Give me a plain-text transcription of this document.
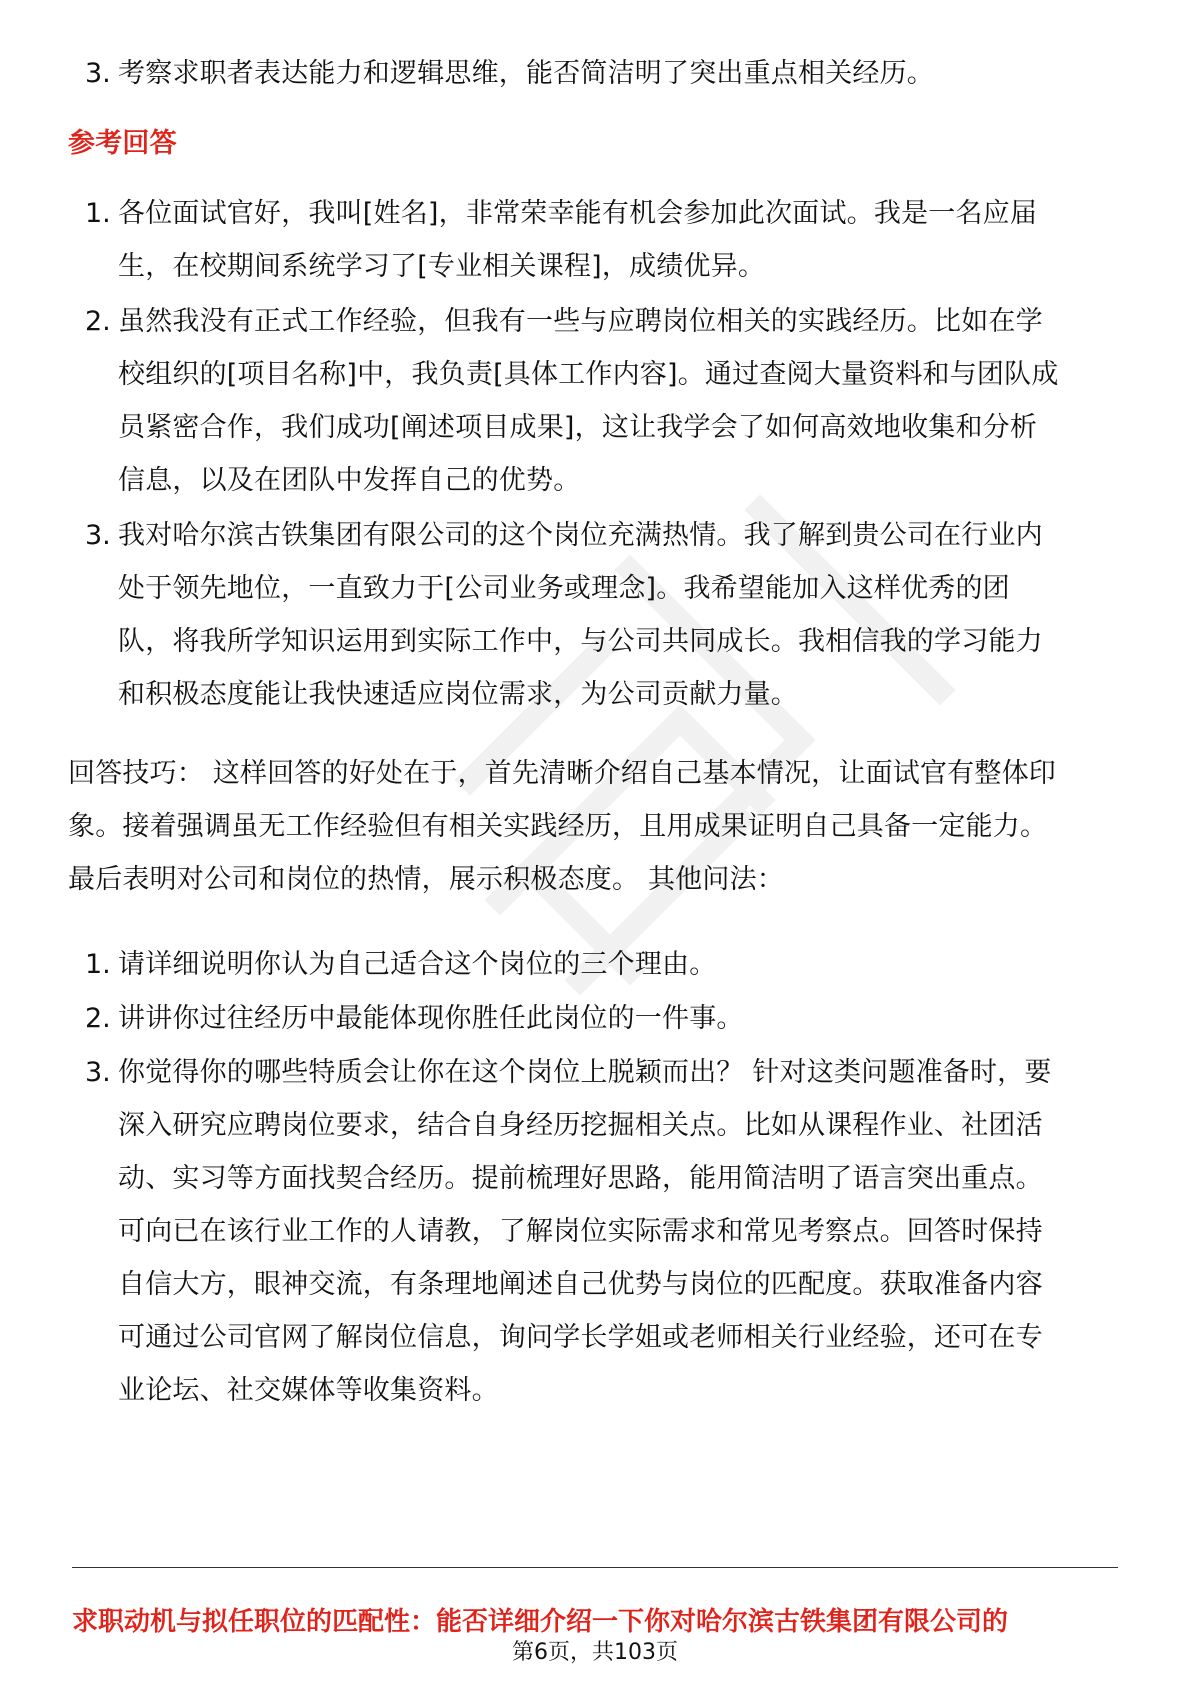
3. 考察求职者表达能力和逻辑思维，能否简洁明了突出重点相关经历。

参考回答

1. 各位面试官好，我叫[姓名]，非常荣幸能有机会参加此次面试。我是一名应届

生，在校期间系统学习了[专业相关课程]，成绩优异。

2. 虽然我没有正式工作经验，但我有一些与应聘岗位相关的实践经历。比如在学

校组织的[项目名称]中，我负责[具体工作内容]。通过查阅大量资料和与团队成

员紧密合作，我们成功[阐述项目成果]，这让我学会了如何高效地收集和分析

信息，以及在团队中发挥自己的优势。

3. 我对哈尔滨古铁集团有限公司的这个岗位充满热情。我了解到贵公司在行业内

处于领先地位，一直致力于[公司业务或理念]。我希望能加入这样优秀的团

队，将我所学知识运用到实际工作中，与公司共同成长。我相信我的学习能力

和积极态度能让我快速适应岗位需求，为公司贡献力量。

回答技巧： 这样回答的好处在于，首先清晰介绍自己基本情况，让面试官有整体印

象。接着强调虽无工作经验但有相关实践经历，且用成果证明自己具备一定能力。

最后表明对公司和岗位的热情，展示积极态度。 其他问法：

1. 请详细说明你认为自己适合这个岗位的三个理由。

2. 讲讲你过往经历中最能体现你胜任此岗位的一件事。

3. 你觉得你的哪些特质会让你在这个岗位上脱颖而出？ 针对这类问题准备时，要

深入研究应聘岗位要求，结合自身经历挖掘相关点。比如从课程作业、社团活

动、实习等方面找契合经历。提前梳理好思路，能用简洁明了语言突出重点。

可向已在该行业工作的人请教，了解岗位实际需求和常见考察点。回答时保持

自信大方，眼神交流，有条理地阐述自己优势与岗位的匹配度。获取准备内容

可通过公司官网了解岗位信息，询问学长学姐或老师相关行业经验，还可在专

业论坛、社交媒体等收集资料。

求职动机与拟任职位的匹配性：能否详细介绍一下你对哈尔滨古铁集团有限公司的

第6页，共103页
